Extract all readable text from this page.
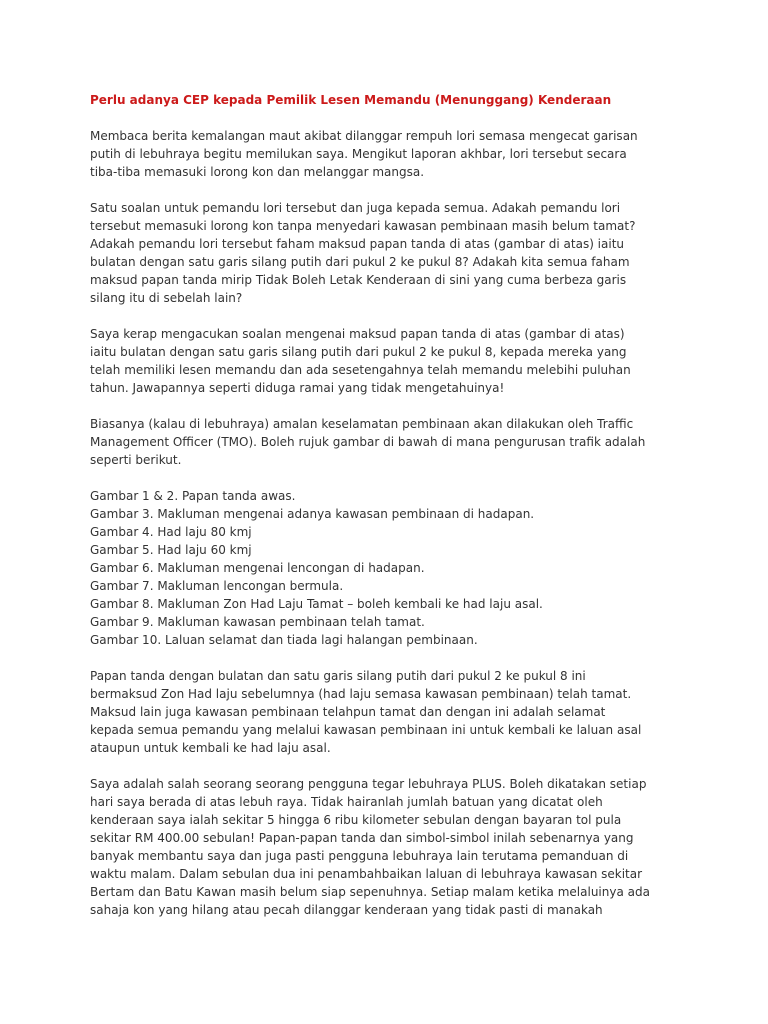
Perlu adanya CEP kepada Pemilik Lesen Memandu (Menunggang) Kenderaan
Membaca berita kemalangan maut akibat dilanggar rempuh lori semasa mengecat garisan
putih di lebuhraya begitu memilukan saya. Mengikut laporan akhbar, lori tersebut secara
tiba-tiba memasuki lorong kon dan melanggar mangsa.
Satu soalan untuk pemandu lori tersebut dan juga kepada semua. Adakah pemandu lori
tersebut memasuki lorong kon tanpa menyedari kawasan pembinaan masih belum tamat?
Adakah pemandu lori tersebut faham maksud papan tanda di atas (gambar di atas) iaitu
bulatan dengan satu garis silang putih dari pukul 2 ke pukul 8? Adakah kita semua faham
maksud papan tanda mirip Tidak Boleh Letak Kenderaan di sini yang cuma berbeza garis
silang itu di sebelah lain?
Saya kerap mengacukan soalan mengenai maksud papan tanda di atas (gambar di atas)
iaitu bulatan dengan satu garis silang putih dari pukul 2 ke pukul 8, kepada mereka yang
telah memiliki lesen memandu dan ada sesetengahnya telah memandu melebihi puluhan
tahun. Jawapannya seperti diduga ramai yang tidak mengetahuinya!
Biasanya (kalau di lebuhraya) amalan keselamatan pembinaan akan dilakukan oleh Traffic
Management Officer (TMO). Boleh rujuk gambar di bawah di mana pengurusan trafik adalah
seperti berikut.
Gambar 1 & 2. Papan tanda awas.
Gambar 3. Makluman mengenai adanya kawasan pembinaan di hadapan.
Gambar 4. Had laju 80 kmj
Gambar 5. Had laju 60 kmj
Gambar 6. Makluman mengenai lencongan di hadapan.
Gambar 7. Makluman lencongan bermula.
Gambar 8. Makluman Zon Had Laju Tamat – boleh kembali ke had laju asal.
Gambar 9. Makluman kawasan pembinaan telah tamat.
Gambar 10. Laluan selamat dan tiada lagi halangan pembinaan.
Papan tanda dengan bulatan dan satu garis silang putih dari pukul 2 ke pukul 8 ini
bermaksud Zon Had laju sebelumnya (had laju semasa kawasan pembinaan) telah tamat.
Maksud lain juga kawasan pembinaan telahpun tamat dan dengan ini adalah selamat
kepada semua pemandu yang melalui kawasan pembinaan ini untuk kembali ke laluan asal
ataupun untuk kembali ke had laju asal.
Saya adalah salah seorang seorang pengguna tegar lebuhraya PLUS. Boleh dikatakan setiap
hari saya berada di atas lebuh raya. Tidak hairanlah jumlah batuan yang dicatat oleh
kenderaan saya ialah sekitar 5 hingga 6 ribu kilometer sebulan dengan bayaran tol pula
sekitar RM 400.00 sebulan! Papan-papan tanda dan simbol-simbol inilah sebenarnya yang
banyak membantu saya dan juga pasti pengguna lebuhraya lain terutama pemanduan di
waktu malam. Dalam sebulan dua ini penambahbaikan laluan di lebuhraya kawasan sekitar
Bertam dan Batu Kawan masih belum siap sepenuhnya. Setiap malam ketika melaluinya ada
sahaja kon yang hilang atau pecah dilanggar kenderaan yang tidak pasti di manakah
